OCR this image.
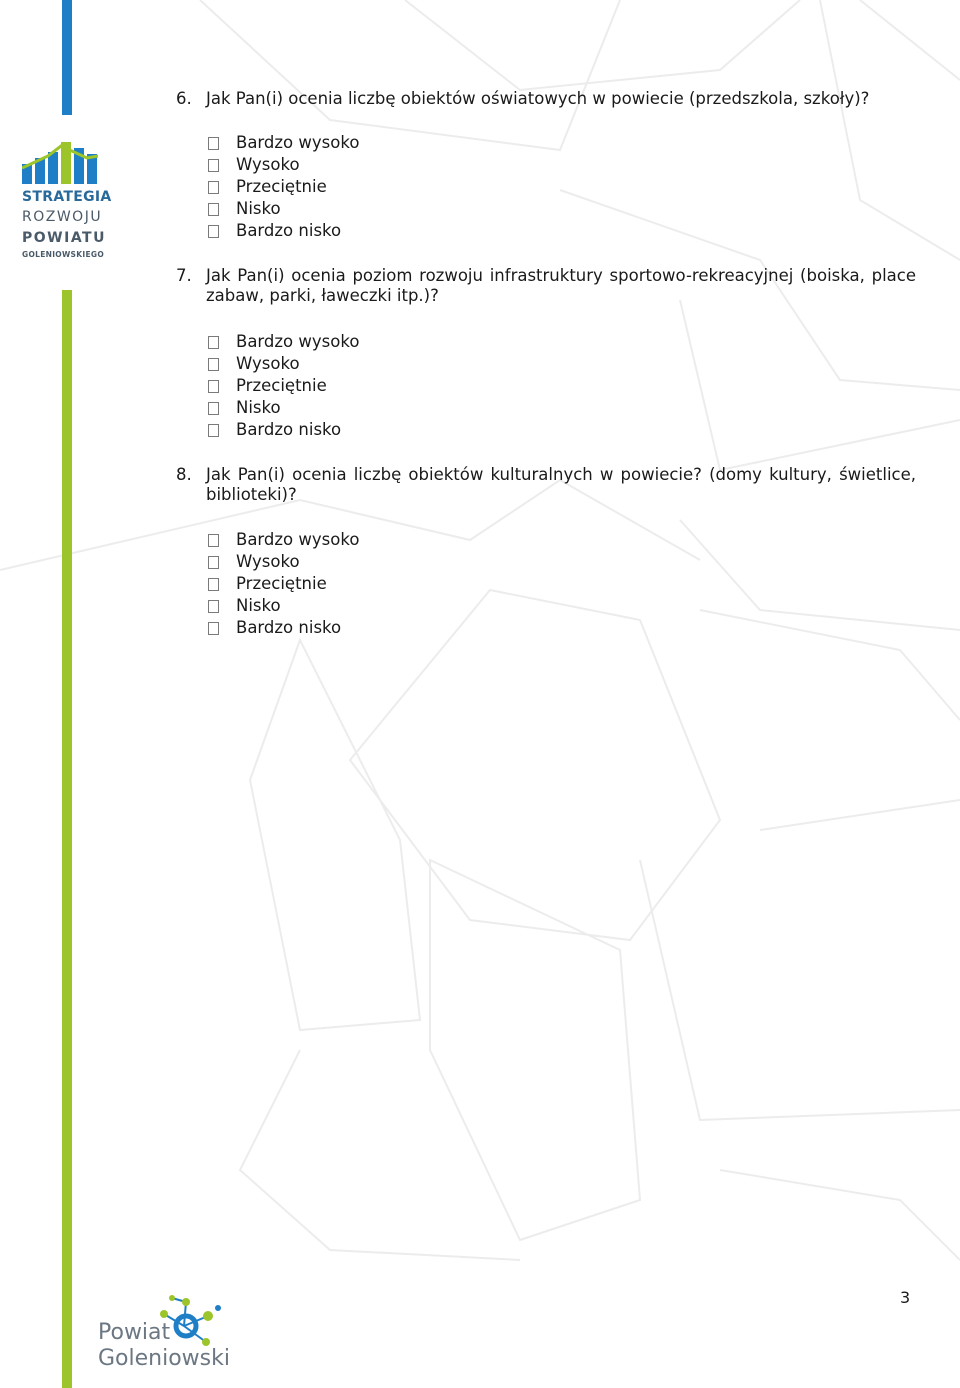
STRATEGIA
ROZWOJU
POWIATU
GOLENIOWSKIEGO
6. Jak Pan(i) ocenia liczbę obiektów oświatowych w powiecie (przedszkola, szkoły)?
Bardzo wysoko
Wysoko
Przeciętnie
Nisko
Bardzo nisko
7. Jak Pan(i) ocenia poziom rozwoju infrastruktury sportowo-rekreacyjnej (boiska, place zabaw, parki, ławeczki itp.)?
Bardzo wysoko
Wysoko
Przeciętnie
Nisko
Bardzo nisko
8. Jak Pan(i) ocenia liczbę obiektów kulturalnych w powiecie? (domy kultury, świetlice, biblioteki)?
Bardzo wysoko
Wysoko
Przeciętnie
Nisko
Bardzo nisko
3
Powiat
Goleniowski
